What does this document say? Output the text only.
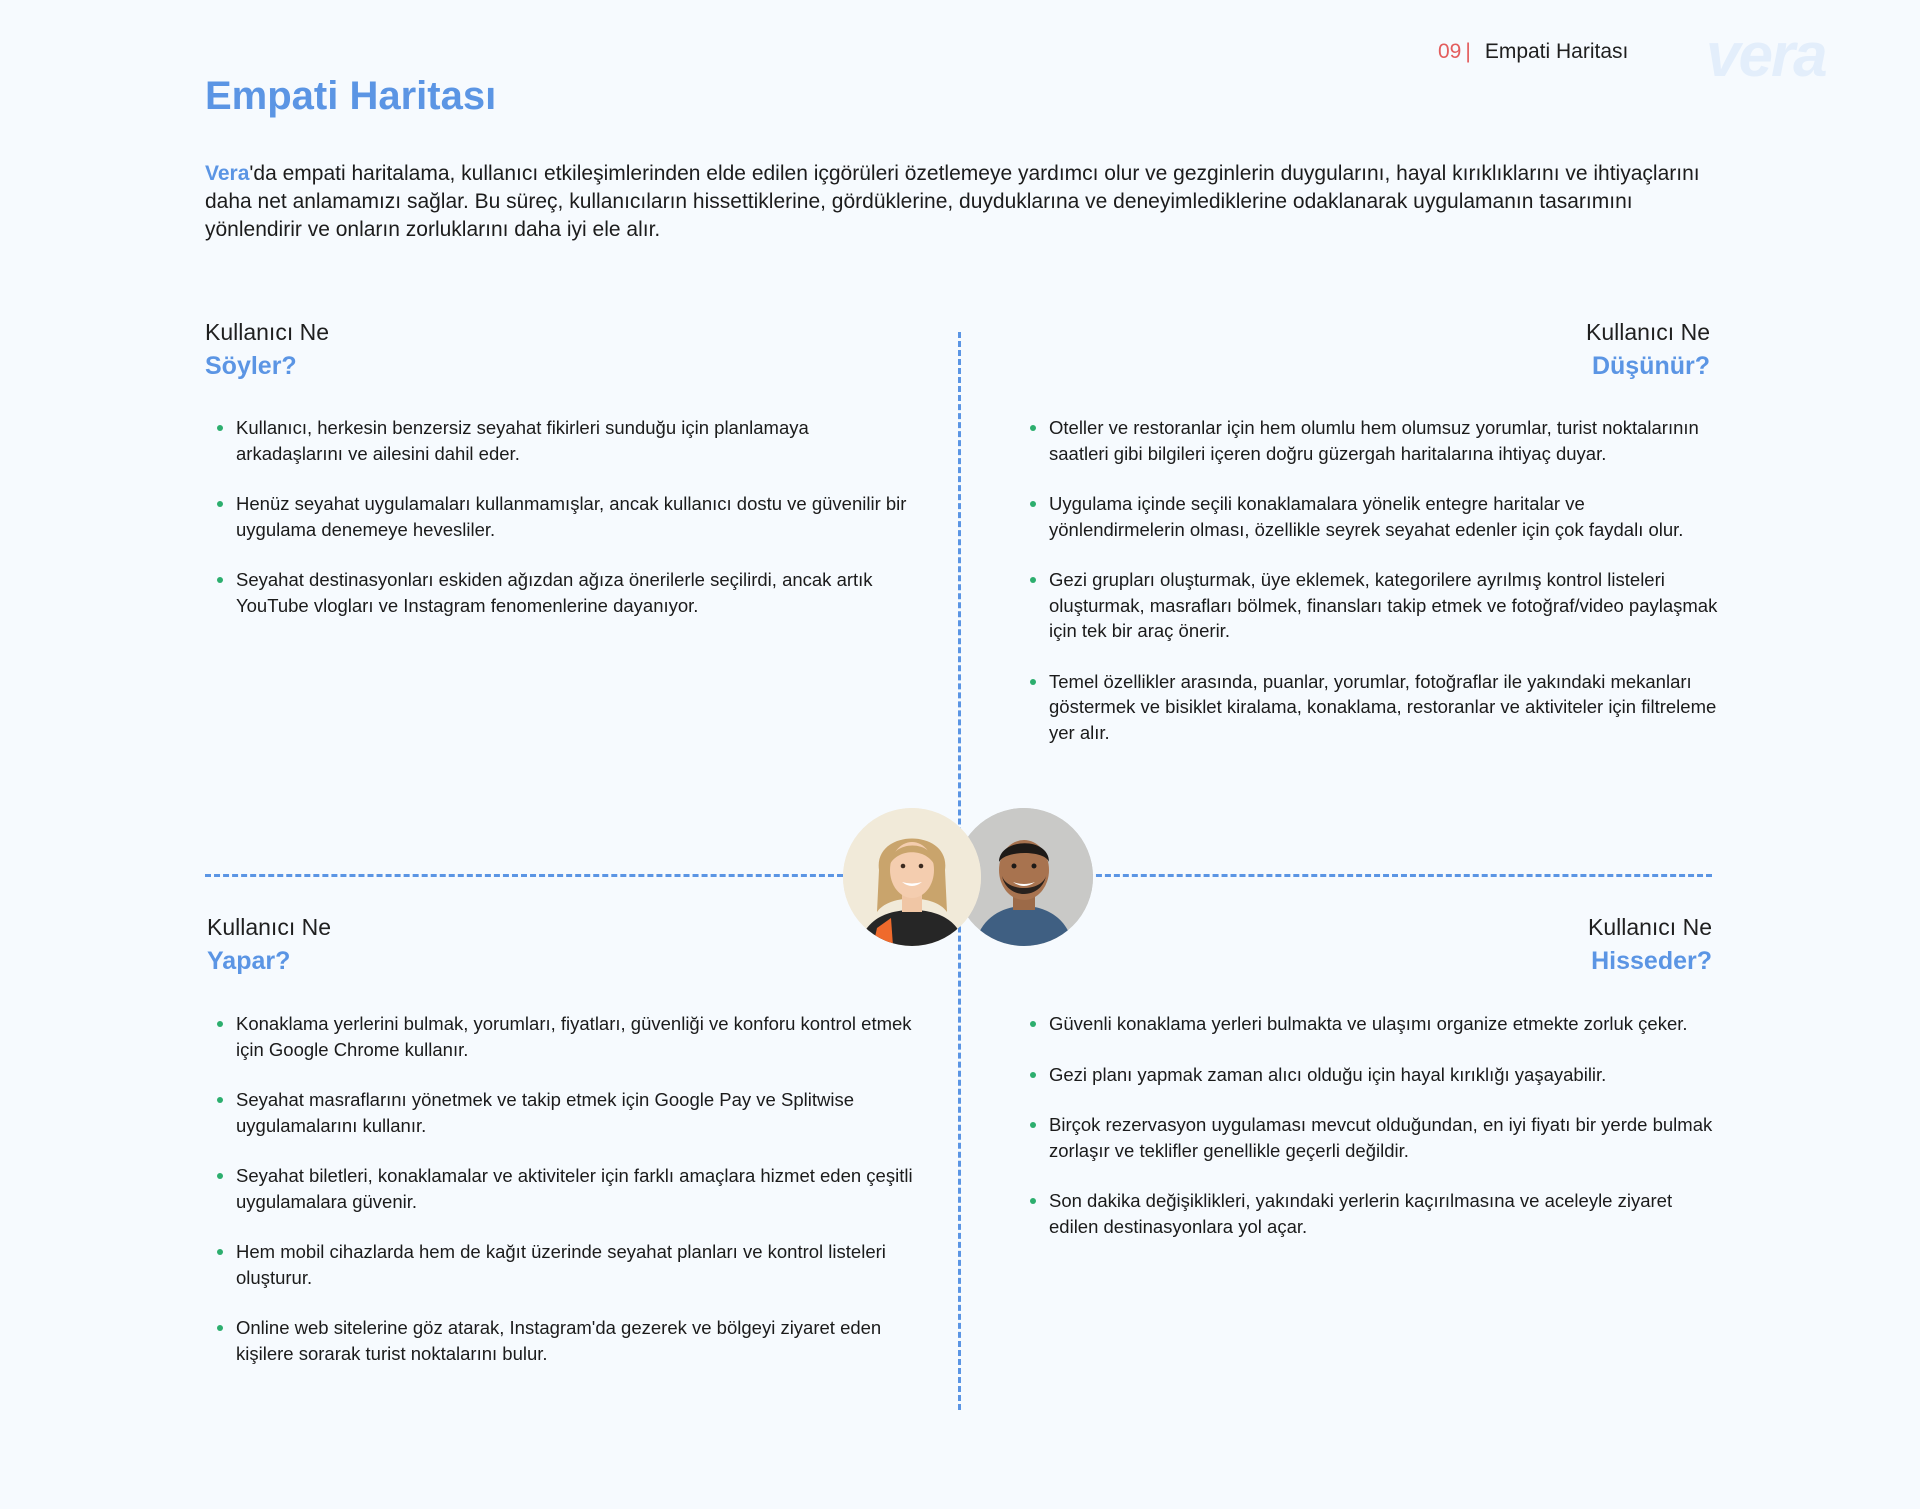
09 | Empati Haritası vera
Empati Haritası

Vera'da empati haritalama, kullanıcı etkileşimlerinden elde edilen içgörüleri özetlemeye yardımcı olur ve gezginlerin duygularını, hayal kırıklıklarını ve ihtiyaçlarını daha net anlamamızı sağlar. Bu süreç, kullanıcıların hissettiklerine, gördüklerine, duyduklarına ve deneyimlediklerine odaklanarak uygulamanın tasarımını yönlendirir ve onların zorluklarını daha iyi ele alır.

Kullanıcı Ne
Söyler?
Kullanıcı, herkesin benzersiz seyahat fikirleri sunduğu için planlamaya arkadaşlarını ve ailesini dahil eder.
Henüz seyahat uygulamaları kullanmamışlar, ancak kullanıcı dostu ve güvenilir bir uygulama denemeye hevesliler.
Seyahat destinasyonları eskiden ağızdan ağıza önerilerle seçilirdi, ancak artık YouTube vlogları ve Instagram fenomenlerine dayanıyor.
Kullanıcı Ne
Düşünür?
Oteller ve restoranlar için hem olumlu hem olumsuz yorumlar, turist noktalarının saatleri gibi bilgileri içeren doğru güzergah haritalarına ihtiyaç duyar.
Uygulama içinde seçili konaklamalara yönelik entegre haritalar ve yönlendirmelerin olması, özellikle seyrek seyahat edenler için çok faydalı olur.
Gezi grupları oluşturmak, üye eklemek, kategorilere ayrılmış kontrol listeleri oluşturmak, masrafları bölmek, finansları takip etmek ve fotoğraf/video paylaşmak için tek bir araç önerir.
Temel özellikler arasında, puanlar, yorumlar, fotoğraflar ile yakındaki mekanları göstermek ve bisiklet kiralama, konaklama, restoranlar ve aktiviteler için filtreleme yer alır.
Kullanıcı Ne
Yapar?
Konaklama yerlerini bulmak, yorumları, fiyatları, güvenliği ve konforu kontrol etmek için Google Chrome kullanır.
Seyahat masraflarını yönetmek ve takip etmek için Google Pay ve Splitwise uygulamalarını kullanır.
Seyahat biletleri, konaklamalar ve aktiviteler için farklı amaçlara hizmet eden çeşitli uygulamalara güvenir.
Hem mobil cihazlarda hem de kağıt üzerinde seyahat planları ve kontrol listeleri oluşturur.
Online web sitelerine göz atarak, Instagram'da gezerek ve bölgeyi ziyaret eden kişilere sorarak turist noktalarını bulur.
Kullanıcı Ne
Hisseder?
Güvenli konaklama yerleri bulmakta ve ulaşımı organize etmekte zorluk çeker.
Gezi planı yapmak zaman alıcı olduğu için hayal kırıklığı yaşayabilir.
Birçok rezervasyon uygulaması mevcut olduğundan, en iyi fiyatı bir yerde bulmak zorlaşır ve teklifler genellikle geçerli değildir.
Son dakika değişiklikleri, yakındaki yerlerin kaçırılmasına ve aceleyle ziyaret edilen destinasyonlara yol açar.
